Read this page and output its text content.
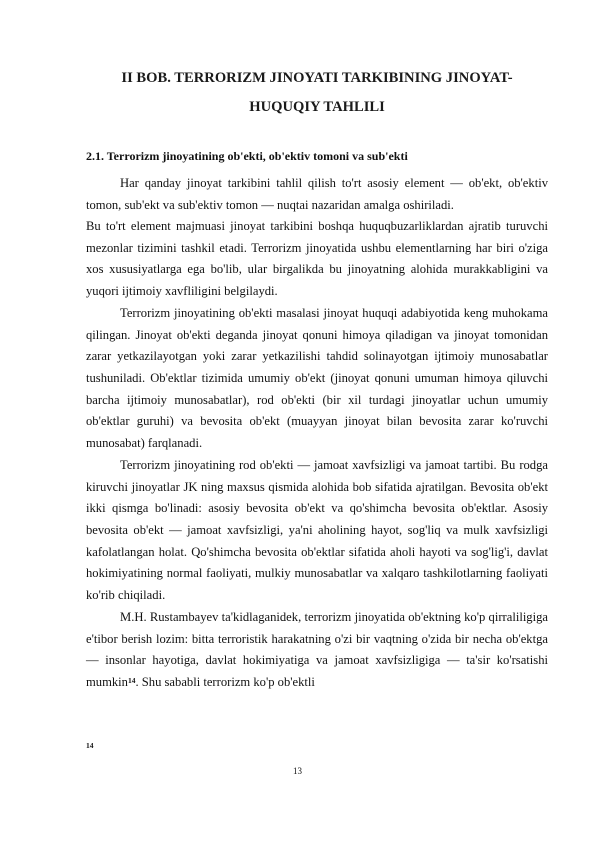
II BOB. TERRORIZM JINOYATI TARKIBINING JINOYAT-
HUQUQIY TAHLILI
2.1. Terrorizm jinoyatining ob'ekti, ob'ektiv tomoni va sub'ekti

Har qanday jinoyat tarkibini tahlil qilish to'rt asosiy element — ob'ekt, ob'ektiv tomon, sub'ekt va sub'ektiv tomon — nuqtai nazaridan amalga oshiriladi.

Bu to'rt element majmuasi jinoyat tarkibini boshqa huquqbuzarliklardan ajratib turuvchi mezonlar tizimini tashkil etadi. Terrorizm jinoyatida ushbu elementlarning har biri o'ziga xos xususiyatlarga ega bo'lib, ular birgalikda bu jinoyatning alohida murakkabligini va yuqori ijtimoiy xavfliligini belgilaydi.

Terrorizm jinoyatining ob'ekti masalasi jinoyat huquqi adabiyotida keng muhokama qilingan. Jinoyat ob'ekti deganda jinoyat qonuni himoya qiladigan va jinoyat tomonidan zarar yetkazilayotgan yoki zarar yetkazilishi tahdid solinayotgan ijtimoiy munosabatlar tushuniladi. Ob'ektlar tizimida umumiy ob'ekt (jinoyat qonuni umuman himoya qiluvchi barcha ijtimoiy munosabatlar), rod ob'ekti (bir xil turdagi jinoyatlar uchun umumiy ob'ektlar guruhi) va bevosita ob'ekt (muayyan jinoyat bilan bevosita zarar ko'ruvchi munosabat) farqlanadi.

Terrorizm jinoyatining rod ob'ekti — jamoat xavfsizligi va jamoat tartibi. Bu rodga kiruvchi jinoyatlar JK ning maxsus qismida alohida bob sifatida ajratilgan. Bevosita ob'ekt ikki qismga bo'linadi: asosiy bevosita ob'ekt va qo'shimcha bevosita ob'ektlar. Asosiy bevosita ob'ekt — jamoat xavfsizligi, ya'ni aholining hayot, sog'liq va mulk xavfsizligi kafolatlangan holat. Qo'shimcha bevosita ob'ektlar sifatida aholi hayoti va sog'lig'i, davlat hokimiyatining normal faoliyati, mulkiy munosabatlar va xalqaro tashkilotlarning faoliyati ko'rib chiqiladi.

M.H. Rustambayev ta'kidlaganidek, terrorizm jinoyatida ob'ektning ko'p qirraliligiga e'tibor berish lozim: bitta terroristik harakatning o'zi bir vaqtning o'zida bir necha ob'ektga — insonlar hayotiga, davlat hokimiyatiga va jamoat xavfsizligiga — ta'sir ko'rsatishi mumkin$^{14}$. Shu sababli terrorizm ko'p ob'ektli

14
13
